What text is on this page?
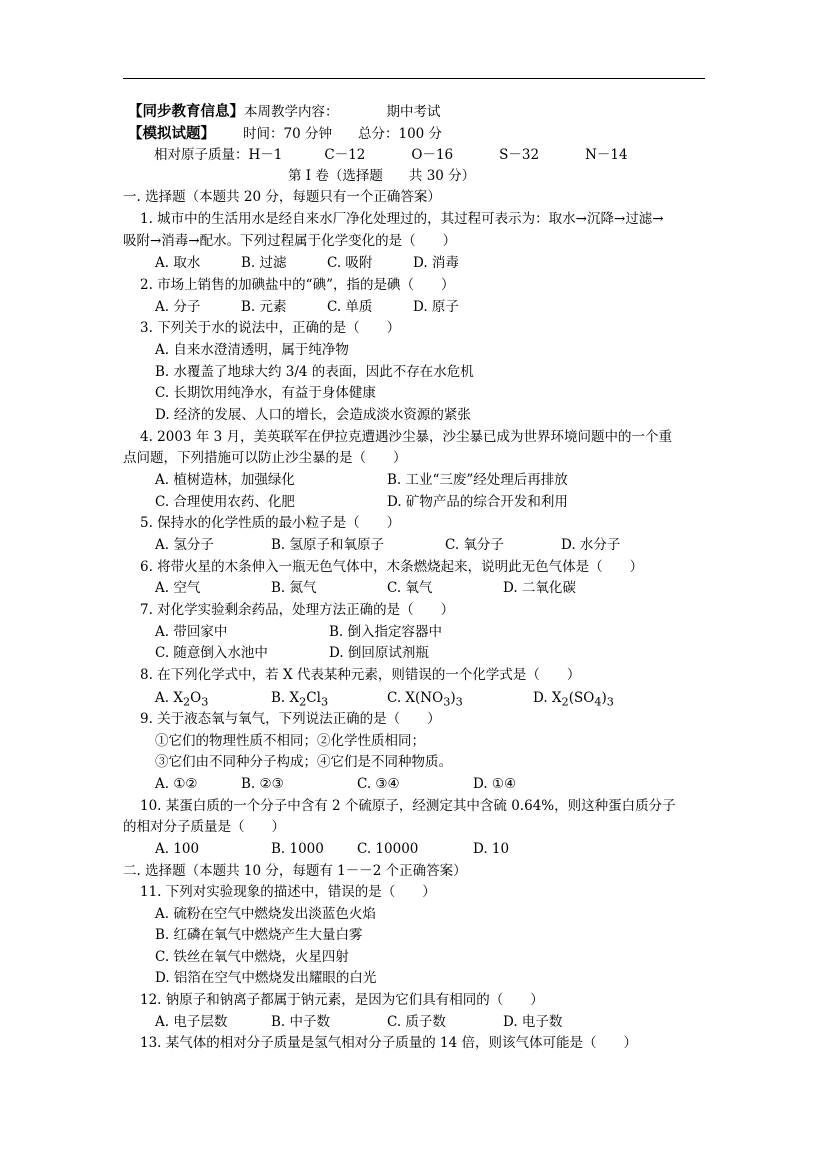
【同步教育信息】本周教学内容：	期中考试
【模拟试题】 时间：70 分钟 总分：100 分
相对原子质量：H－1	C－12	O－16	S－32	N－14
第 I 卷（选择题 共 30 分）
一. 选择题（本题共 20 分，每题只有一个正确答案）
1. 城市中的生活用水是经自来水厂净化处理过的，其过程可表示为：取水→沉降→过滤→
吸附→消毒→配水。下列过程属于化学变化的是（　　）
A. 取水	B. 过滤	C. 吸附	D. 消毒
2. 市场上销售的加碘盐中的“碘”，指的是碘（　　）
A. 分子	B. 元素	C. 单质	D. 原子
3. 下列关于水的说法中，正确的是（　　）
A. 自来水澄清透明，属于纯净物
B. 水覆盖了地球大约 3/4 的表面，因此不存在水危机
C. 长期饮用纯净水，有益于身体健康
D. 经济的发展、人口的增长，会造成淡水资源的紧张
4. 2003 年 3 月，美英联军在伊拉克遭遇沙尘暴，沙尘暴已成为世界环境问题中的一个重
点问题，下列措施可以防止沙尘暴的是（　　）
A. 植树造林，加强绿化	B. 工业“三废”经处理后再排放
C. 合理使用农药、化肥	D. 矿物产品的综合开发和利用
5. 保持水的化学性质的最小粒子是（　　）
A. 氢分子	B. 氢原子和氧原子	C. 氧分子	D. 水分子
6. 将带火星的木条伸入一瓶无色气体中，木条燃烧起来，说明此无色气体是（　　）
A. 空气	B. 氮气	C. 氧气	D. 二氧化碳
7. 对化学实验剩余药品，处理方法正确的是（　　）
A. 带回家中	B. 倒入指定容器中
C. 随意倒入水池中	D. 倒回原试剂瓶
8. 在下列化学式中，若 X 代表某种元素，则错误的一个化学式是（　　）
A. $X_2O_3$	B. $X_2Cl_3$	C. $X(NO_3)_3$	D. $X_2(SO_4)_3$
9. 关于液态氧与氧气，下列说法正确的是（　　）
①它们的物理性质不相同；②化学性质相同；
③它们由不同种分子构成；④它们是不同种物质。
A. ①②	B. ②③	C. ③④	D. ①④
10. 某蛋白质的一个分子中含有 2 个硫原子，经测定其中含硫 0.64%，则这种蛋白质分子
的相对分子质量是（　　）
A. 100	B. 1000 C. 10000	D. 10
二. 选择题（本题共 10 分，每题有 1－－2 个正确答案）
11. 下列对实验现象的描述中，错误的是（　　）
A. 硫粉在空气中燃烧发出淡蓝色火焰
B. 红磷在氧气中燃烧产生大量白雾
C. 铁丝在氧气中燃烧，火星四射
D. 铝箔在空气中燃烧发出耀眼的白光
12. 钠原子和钠离子都属于钠元素，是因为它们具有相同的（　　）
A. 电子层数	B. 中子数	C. 质子数	D. 电子数
13. 某气体的相对分子质量是氢气相对分子质量的 14 倍，则该气体可能是（　　）
